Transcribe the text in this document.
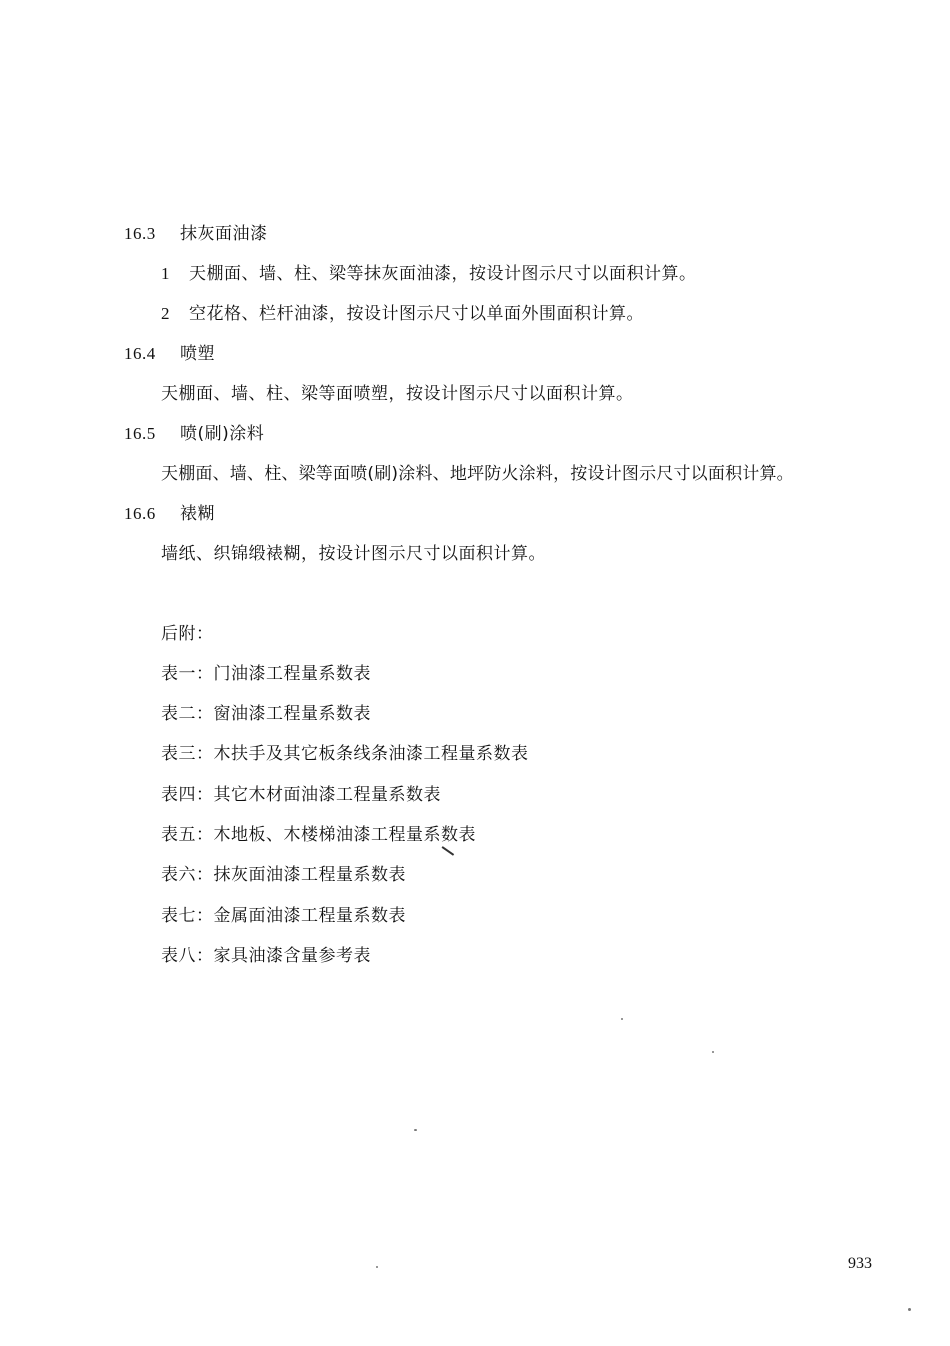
16.3 抹灰面油漆
1 天棚面、墙、柱、梁等抹灰面油漆，按设计图示尺寸以面积计算。
2 空花格、栏杆油漆，按设计图示尺寸以单面外围面积计算。
16.4 喷塑
天棚面、墙、柱、梁等面喷塑，按设计图示尺寸以面积计算。
16.5 喷(刷)涂料
天棚面、墙、柱、梁等面喷(刷)涂料、地坪防火涂料，按设计图示尺寸以面积计算。
16.6 裱糊
墙纸、织锦缎裱糊，按设计图示尺寸以面积计算。
后附：
表一：门油漆工程量系数表
表二：窗油漆工程量系数表
表三：木扶手及其它板条线条油漆工程量系数表
表四：其它木材面油漆工程量系数表
表五：木地板、木楼梯油漆工程量系数表
表六：抹灰面油漆工程量系数表
表七：金属面油漆工程量系数表
表八：家具油漆含量参考表
933
